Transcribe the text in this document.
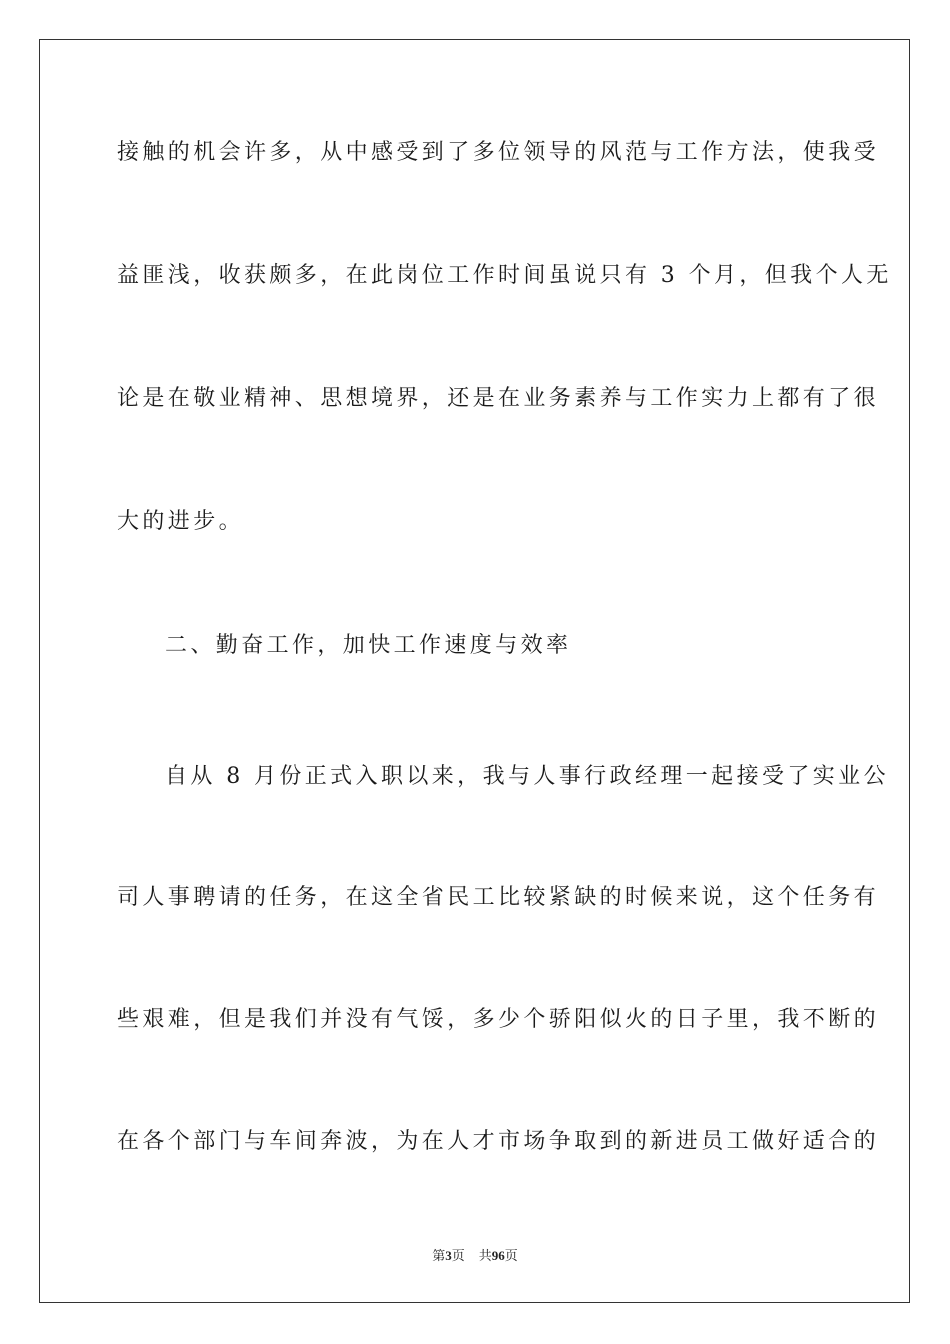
接触的机会许多，从中感受到了多位领导的风范与工作方法，使我受
益匪浅，收获颇多，在此岗位工作时间虽说只有 3 个月，但我个人无
论是在敬业精神、思想境界，还是在业务素养与工作实力上都有了很
大的进步。
二、勤奋工作，加快工作速度与效率
自从 8 月份正式入职以来，我与人事行政经理一起接受了实业公
司人事聘请的任务，在这全省民工比较紧缺的时候来说，这个任务有
些艰难，但是我们并没有气馁，多少个骄阳似火的日子里，我不断的
在各个部门与车间奔波，为在人才市场争取到的新进员工做好适合的
第3页 共96页
